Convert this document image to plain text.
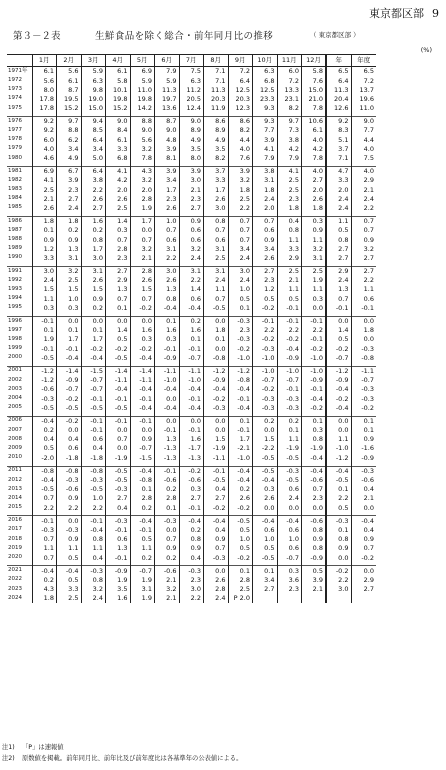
東京都区部 9
第３－２表	生鮮食品を除く総合・前年同月比の推移	（ 東京都区部 ）
(%)
	1月	2月	3月	4月	5月	6月	7月	8月	9月	10月	11月	12月	年	年度
1971年	6.1	5.6	5.9	6.1	6.9	7.9	7.5	7.1	7.2	6.3	6.0	5.8	6.5	6.5
1972	5.6	6.1	6.3	5.8	5.9	5.9	6.3	7.1	6.4	6.8	7.2	7.6	6.4	7.2
1973	8.0	8.7	9.8	10.1	11.0	11.3	11.2	11.3	12.5	12.5	13.3	15.0	11.3	13.7
1974	17.8	19.5	19.0	19.8	19.8	19.7	20.5	20.3	20.3	23.3	23.1	21.0	20.4	19.6
1975	17.8	15.2	15.0	15.2	14.2	13.6	12.4	11.9	12.3	9.3	8.2	7.8	12.6	11.0

1976	9.2	9.7	9.4	9.0	8.8	8.7	9.0	8.6	8.6	9.3	9.7	10.6	9.2	9.0
1977	9.2	8.8	8.5	8.4	9.0	9.0	8.9	8.9	8.2	7.7	7.3	6.1	8.3	7.7
1978	6.0	6.2	6.4	6.1	5.6	4.8	4.9	4.9	4.4	3.9	3.8	4.0	5.1	4.4
1979	4.0	3.4	3.4	3.3	3.2	3.9	3.5	3.5	4.0	4.1	4.2	4.2	3.7	4.0
1980	4.6	4.9	5.0	6.8	7.8	8.1	8.0	8.2	7.6	7.9	7.9	7.8	7.1	7.5

1981	6.9	6.7	6.4	4.1	4.3	3.9	3.9	3.7	3.9	3.8	4.1	4.0	4.7	4.0
1982	4.1	3.9	3.8	4.2	3.2	3.4	3.0	3.3	3.2	3.1	2.5	2.7	3.3	2.9
1983	2.5	2.3	2.2	2.0	2.0	1.7	2.1	1.7	1.8	1.8	2.5	2.0	2.0	2.1
1984	2.1	2.7	2.6	2.6	2.8	2.3	2.3	2.6	2.5	2.4	2.3	2.6	2.4	2.4
1985	2.6	2.4	2.7	2.5	1.9	2.6	2.7	3.0	2.2	2.0	1.8	1.8	2.4	2.2

1986	1.8	1.8	1.6	1.4	1.7	1.0	0.9	0.8	0.7	0.7	0.4	0.3	1.1	0.7
1987	0.1	0.2	0.2	0.3	0.0	0.7	0.6	0.7	0.7	0.6	0.8	0.9	0.5	0.7
1988	0.9	0.9	0.8	0.7	0.7	0.6	0.6	0.6	0.7	0.9	1.1	1.1	0.8	0.9
1989	1.2	1.3	1.7	2.8	3.2	3.1	3.2	3.1	3.4	3.4	3.3	3.2	2.7	3.2
1990	3.3	3.1	3.0	2.3	2.1	2.2	2.4	2.5	2.4	2.6	2.9	3.1	2.7	2.7

1991	3.0	3.2	3.1	2.7	2.8	3.0	3.1	3.1	3.0	2.7	2.5	2.5	2.9	2.7
1992	2.4	2.5	2.6	2.9	2.6	2.6	2.2	2.4	2.4	2.3	2.1	1.9	2.4	2.2
1993	1.5	1.5	1.5	1.3	1.5	1.3	1.4	1.1	1.0	1.2	1.1	1.1	1.3	1.1
1994	1.1	1.0	0.9	0.7	0.7	0.8	0.6	0.7	0.5	0.5	0.5	0.3	0.7	0.6
1995	0.3	0.3	0.2	0.1	-0.2	-0.4	-0.4	-0.5	0.1	-0.2	-0.1	0.0	-0.1	-0.1

1996	-0.1	0.0	0.0	0.0	0.0	0.1	0.2	0.0	-0.3	-0.1	-0.1	-0.1	0.0	0.0
1997	0.1	0.1	0.1	1.4	1.6	1.6	1.6	1.8	2.3	2.2	2.2	2.2	1.4	1.8
1998	1.9	1.7	1.7	0.5	0.3	0.3	0.1	0.1	-0.3	-0.2	-0.2	-0.1	0.5	0.0
1999	-0.1	-0.1	-0.2	-0.2	-0.2	-0.1	-0.1	0.0	-0.2	-0.3	-0.4	-0.2	-0.2	-0.3
2000	-0.5	-0.4	-0.4	-0.5	-0.4	-0.9	-0.7	-0.8	-1.0	-1.0	-0.9	-1.0	-0.7	-0.8

2001	-1.2	-1.4	-1.5	-1.4	-1.4	-1.1	-1.1	-1.2	-1.2	-1.0	-1.0	-1.0	-1.2	-1.1
2002	-1.2	-0.9	-0.7	-1.1	-1.1	-1.0	-1.0	-0.9	-0.8	-0.7	-0.7	-0.9	-0.9	-0.7
2003	-0.6	-0.7	-0.7	-0.4	-0.4	-0.4	-0.4	-0.4	-0.4	-0.2	-0.1	-0.1	-0.4	-0.3
2004	-0.3	-0.2	-0.1	-0.1	-0.1	0.0	-0.1	-0.2	-0.1	-0.3	-0.3	-0.4	-0.2	-0.3
2005	-0.5	-0.5	-0.5	-0.5	-0.4	-0.4	-0.4	-0.3	-0.4	-0.3	-0.3	-0.2	-0.4	-0.2

2006	-0.4	-0.2	-0.1	-0.1	-0.1	0.0	0.0	0.0	0.1	0.2	0.2	0.1	0.0	0.1
2007	0.2	0.0	-0.1	0.0	0.0	-0.1	-0.1	0.0	-0.1	0.0	0.1	0.3	0.0	0.1
2008	0.4	0.4	0.6	0.7	0.9	1.3	1.6	1.5	1.7	1.5	1.1	0.8	1.1	0.9
2009	0.5	0.6	0.4	0.0	-0.7	-1.3	-1.7	-1.9	-2.1	-2.2	-1.9	-1.9	-1.0	-1.6
2010	-2.0	-1.8	-1.8	-1.9	-1.5	-1.3	-1.3	-1.1	-1.0	-0.5	-0.5	-0.4	-1.2	-0.9

2011	-0.8	-0.8	-0.8	-0.5	-0.4	-0.1	-0.2	-0.1	-0.4	-0.5	-0.3	-0.4	-0.4	-0.3
2012	-0.4	-0.3	-0.3	-0.5	-0.8	-0.6	-0.6	-0.5	-0.4	-0.4	-0.5	-0.6	-0.5	-0.6
2013	-0.5	-0.6	-0.5	-0.3	0.1	0.2	0.3	0.4	0.2	0.3	0.6	0.7	0.1	0.4
2014	0.7	0.9	1.0	2.7	2.8	2.8	2.7	2.7	2.6	2.6	2.4	2.3	2.2	2.1
2015	2.2	2.2	2.2	0.4	0.2	0.1	-0.1	-0.2	-0.2	0.0	0.0	0.0	0.5	0.0

2016	-0.1	0.0	-0.1	-0.3	-0.4	-0.3	-0.4	-0.4	-0.5	-0.4	-0.4	-0.6	-0.3	-0.4
2017	-0.3	-0.3	-0.4	-0.1	-0.1	0.0	0.2	0.4	0.5	0.6	0.6	0.8	0.1	0.4
2018	0.7	0.9	0.8	0.6	0.5	0.7	0.8	0.9	1.0	1.0	1.0	0.9	0.8	0.9
2019	1.1	1.1	1.1	1.3	1.1	0.9	0.9	0.7	0.5	0.5	0.6	0.8	0.9	0.7
2020	0.7	0.5	0.4	-0.1	0.2	0.2	0.4	-0.3	-0.2	-0.5	-0.7	-0.9	0.0	-0.2

2021	-0.4	-0.4	-0.3	-0.9	-0.7	-0.6	-0.3	0.0	0.1	0.1	0.3	0.5	-0.2	0.0
2022	0.2	0.5	0.8	1.9	1.9	2.1	2.3	2.6	2.8	3.4	3.6	3.9	2.2	2.9
2023	4.3	3.3	3.2	3.5	3.1	3.2	3.0	2.8	2.5	2.7	2.3	2.1	3.0	2.7
2024	1.8	2.5	2.4	1.6	1.9	2.1	2.2	2.4	P 2.0					
注1) 「P」は速報値
注2) 原数値を掲載。前年同月比、前年比及び前年度比は各基準年の公表値による。
